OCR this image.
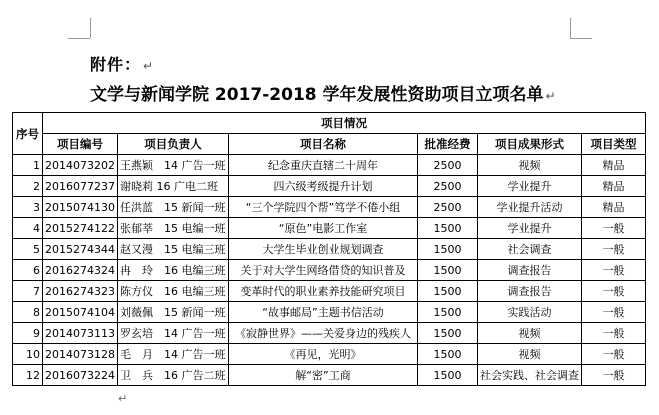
附件： ↵
文学与新闻学院 2017-2018 学年发展性资助项目立项名单 ↵
序号	项目情况					
	项目编号	项目负责人	项目名称	批准经费	项目成果形式	项目类型
1	2014073202	王燕颖　14 广告一班	纪念重庆直辖二十周年	2500	视频	精品
2	2016077237	谢晓莉 16 广电二班	四六级考级提升计划	2500	学业提升	精品
3	2015074130	任洪蓝　15 新闻一班	“三个学院四个帮”笃学不倦小组	2500	学业提升活动	精品
4	2015274122	张郁莘　15 电编一班	“原色”电影工作室	1500	学业提升	一般
5	2015274344	赵又漫　15 电编三班	大学生毕业创业规划调查	1500	社会调查	一般
6	2016274324	冉　玲　16 电编三班	关于对大学生网络借贷的知识普及	1500	调查报告	一般
7	2016274323	陈方仪　16 电编三班	变革时代的职业素养技能研究项目	1500	调查报告	一般
8	2015074104	刘薇佩　15 新闻一班	“故事邮局”主题书信活动	1500	实践活动	一般
9	2014073113	罗玄培　14 广告一班	《寂静世界》——关爱身边的残疾人	1500	视频	一般
10	2014073128	毛　月　14 广告一班	《再见，光明》	1500	视频	一般
12	2016073224	卫　兵　16 广告二班	解“密”工商	1500	社会实践、社会调查	一般
↵
